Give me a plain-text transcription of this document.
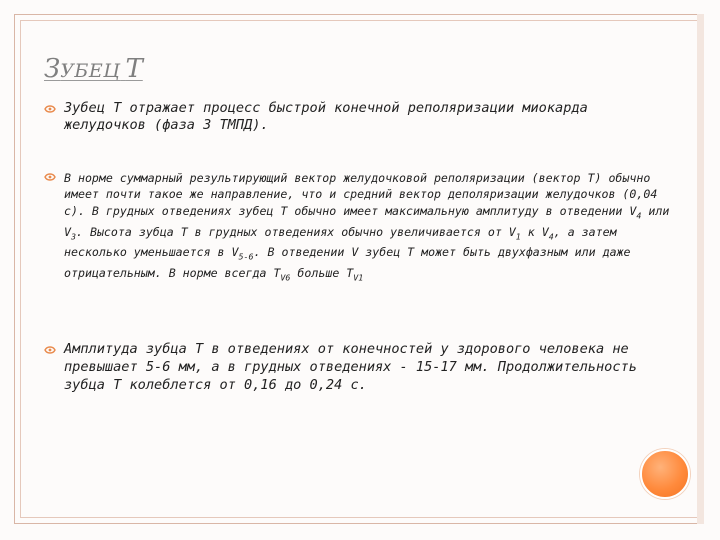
ЗУБЕЦ Т

Зубец Т отражает процесс быстрой конечной реполяризации миокарда желудочков (фаза 3 ТМПД).

В норме суммарный результирующий вектор желудочковой реполяризации (вектор Т) обычно имеет почти такое же направление, что и средний вектор деполяризации желудочков (0,04 с). В грудных отведениях зубец Т обычно имеет максимальную амплитуду в отведении $V_4$ или $V_3$. Высота зубца Т в грудных отведениях обычно увеличивается от $V_1$ к $V_4$, а затем несколько уменьшается в $V_{5-6}$. В отведении V зубец Т может быть двухфазным или даже отрицательным. В норме всегда $Т_{V6}$ больше $Т_{V1}$

Амплитуда зубца Т в отведениях от конечностей у здорового человека не превышает 5-6 мм, а в грудных отведениях - 15-17 мм. Продолжительность зубца Т колеблется от 0,16 до 0,24 с.
